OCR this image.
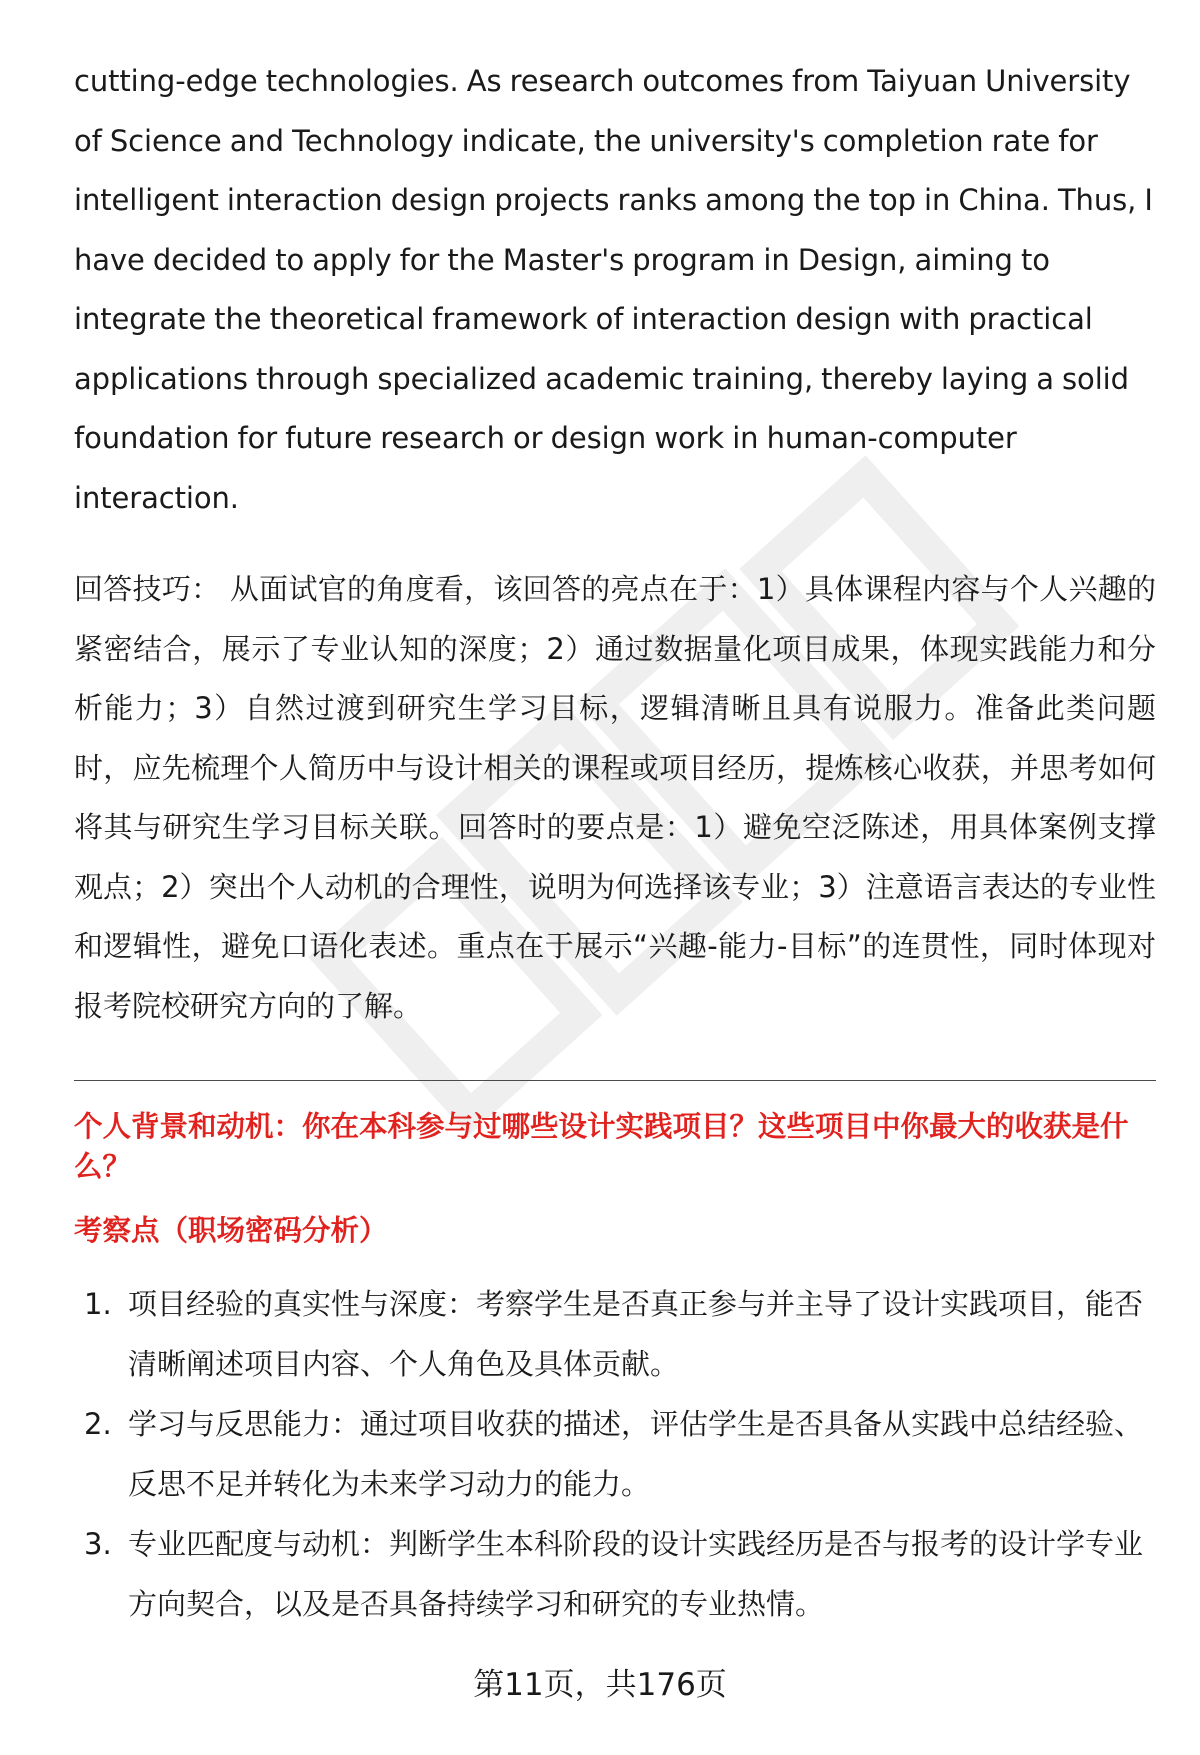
cutting-edge technologies. As research outcomes from Taiyuan University of Science and Technology indicate, the university's completion rate for intelligent interaction design projects ranks among the top in China. Thus, I have decided to apply for the Master's program in Design, aiming to integrate the theoretical framework of interaction design with practical applications through specialized academic training, thereby laying a solid foundation for future research or design work in human-computer interaction.

回答技巧： 从面试官的角度看，该回答的亮点在于：1）具体课程内容与个人兴趣的紧密结合，展示了专业认知的深度；2）通过数据量化项目成果，体现实践能力和分析能力；3）自然过渡到研究生学习目标，逻辑清晰且具有说服力。准备此类问题时，应先梳理个人简历中与设计相关的课程或项目经历，提炼核心收获，并思考如何将其与研究生学习目标关联。回答时的要点是：1）避免空泛陈述，用具体案例支撑观点；2）突出个人动机的合理性，说明为何选择该专业；3）注意语言表达的专业性和逻辑性，避免口语化表述。重点在于展示“兴趣-能力-目标”的连贯性，同时体现对报考院校研究方向的了解。

个人背景和动机：你在本科参与过哪些设计实践项目？这些项目中你最大的收获是什么？
考察点（职场密码分析）
1. 项目经验的真实性与深度：考察学生是否真正参与并主导了设计实践项目，能否清晰阐述项目内容、个人角色及具体贡献。
2. 学习与反思能力：通过项目收获的描述，评估学生是否具备从实践中总结经验、反思不足并转化为未来学习动力的能力。
3. 专业匹配度与动机：判断学生本科阶段的设计实践经历是否与报考的设计学专业方向契合，以及是否具备持续学习和研究的专业热情。
第11页，共176页
